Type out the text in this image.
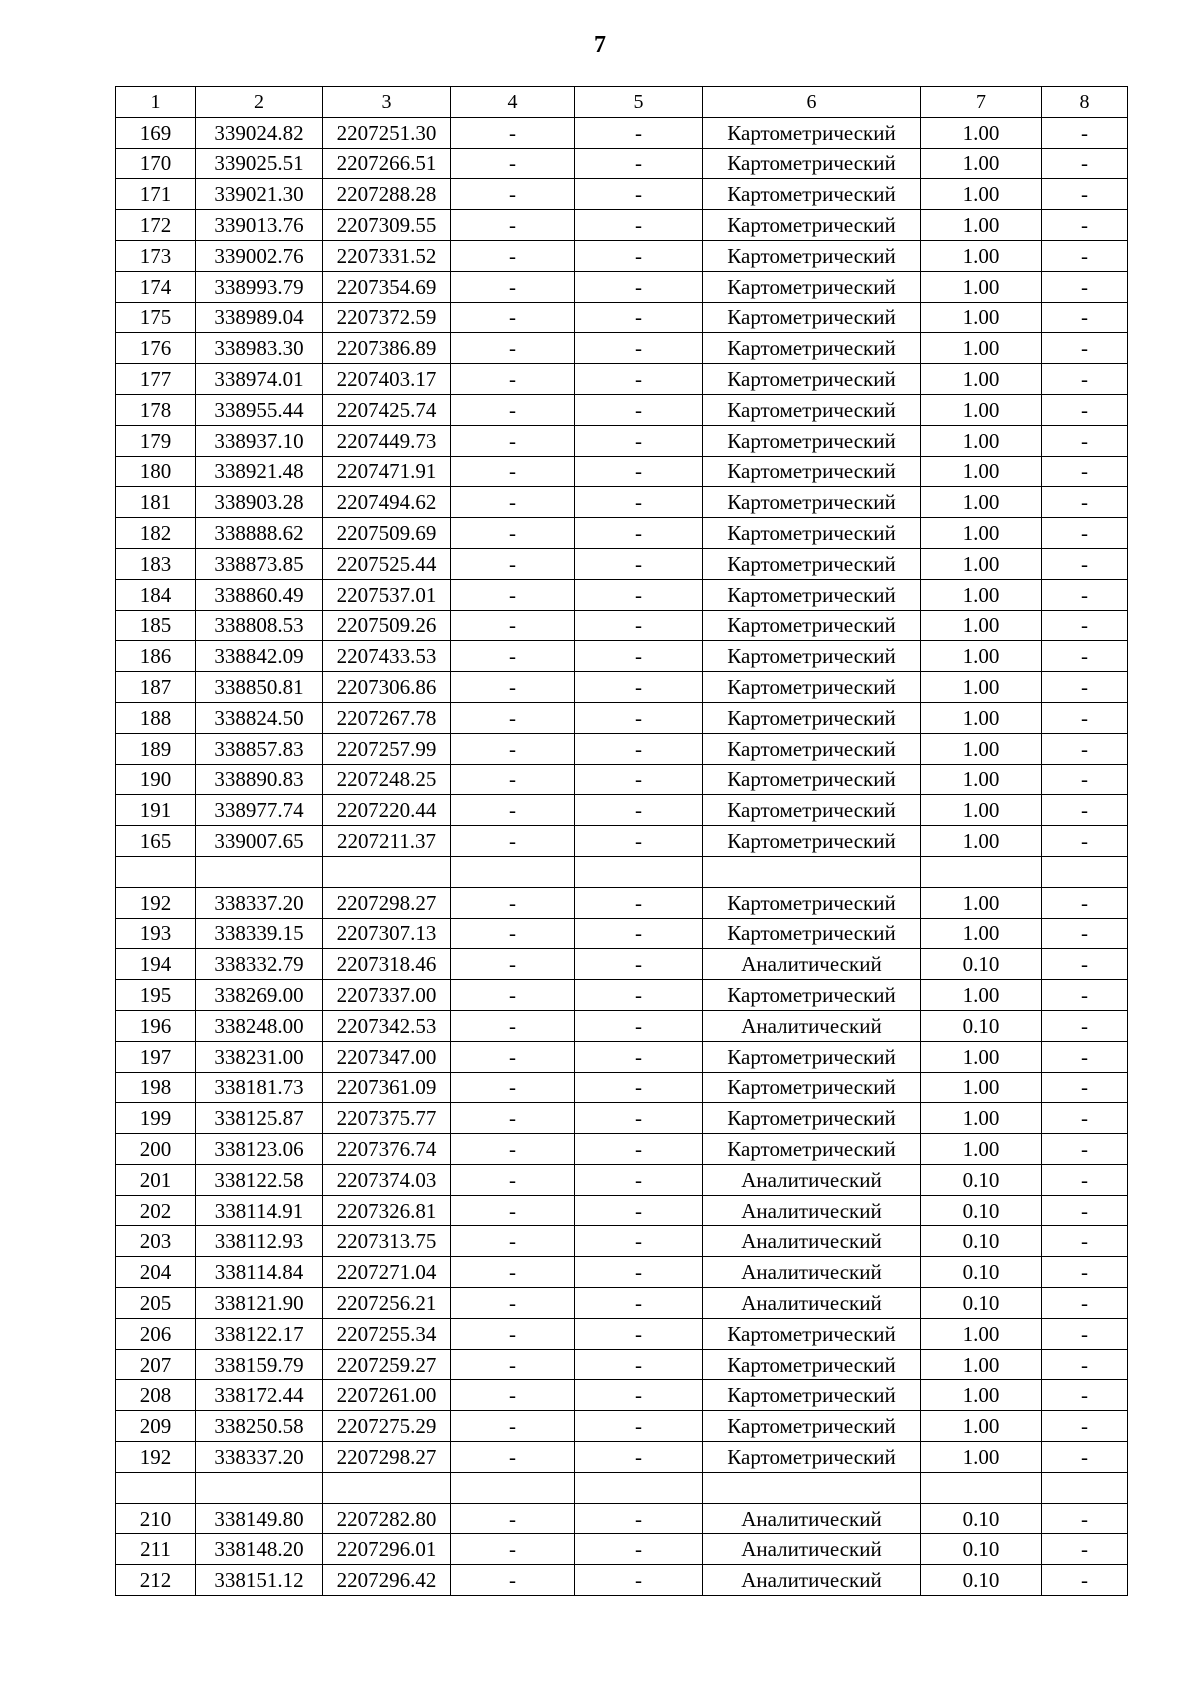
7
1	2	3	4	5	6	7	8
169	339024.82	2207251.30	-	-	Картометрический	1.00	-
170	339025.51	2207266.51	-	-	Картометрический	1.00	-
171	339021.30	2207288.28	-	-	Картометрический	1.00	-
172	339013.76	2207309.55	-	-	Картометрический	1.00	-
173	339002.76	2207331.52	-	-	Картометрический	1.00	-
174	338993.79	2207354.69	-	-	Картометрический	1.00	-
175	338989.04	2207372.59	-	-	Картометрический	1.00	-
176	338983.30	2207386.89	-	-	Картометрический	1.00	-
177	338974.01	2207403.17	-	-	Картометрический	1.00	-
178	338955.44	2207425.74	-	-	Картометрический	1.00	-
179	338937.10	2207449.73	-	-	Картометрический	1.00	-
180	338921.48	2207471.91	-	-	Картометрический	1.00	-
181	338903.28	2207494.62	-	-	Картометрический	1.00	-
182	338888.62	2207509.69	-	-	Картометрический	1.00	-
183	338873.85	2207525.44	-	-	Картометрический	1.00	-
184	338860.49	2207537.01	-	-	Картометрический	1.00	-
185	338808.53	2207509.26	-	-	Картометрический	1.00	-
186	338842.09	2207433.53	-	-	Картометрический	1.00	-
187	338850.81	2207306.86	-	-	Картометрический	1.00	-
188	338824.50	2207267.78	-	-	Картометрический	1.00	-
189	338857.83	2207257.99	-	-	Картометрический	1.00	-
190	338890.83	2207248.25	-	-	Картометрический	1.00	-
191	338977.74	2207220.44	-	-	Картометрический	1.00	-
165	339007.65	2207211.37	-	-	Картометрический	1.00	-

192	338337.20	2207298.27	-	-	Картометрический	1.00	-
193	338339.15	2207307.13	-	-	Картометрический	1.00	-
194	338332.79	2207318.46	-	-	Аналитический	0.10	-
195	338269.00	2207337.00	-	-	Картометрический	1.00	-
196	338248.00	2207342.53	-	-	Аналитический	0.10	-
197	338231.00	2207347.00	-	-	Картометрический	1.00	-
198	338181.73	2207361.09	-	-	Картометрический	1.00	-
199	338125.87	2207375.77	-	-	Картометрический	1.00	-
200	338123.06	2207376.74	-	-	Картометрический	1.00	-
201	338122.58	2207374.03	-	-	Аналитический	0.10	-
202	338114.91	2207326.81	-	-	Аналитический	0.10	-
203	338112.93	2207313.75	-	-	Аналитический	0.10	-
204	338114.84	2207271.04	-	-	Аналитический	0.10	-
205	338121.90	2207256.21	-	-	Аналитический	0.10	-
206	338122.17	2207255.34	-	-	Картометрический	1.00	-
207	338159.79	2207259.27	-	-	Картометрический	1.00	-
208	338172.44	2207261.00	-	-	Картометрический	1.00	-
209	338250.58	2207275.29	-	-	Картометрический	1.00	-
192	338337.20	2207298.27	-	-	Картометрический	1.00	-

210	338149.80	2207282.80	-	-	Аналитический	0.10	-
211	338148.20	2207296.01	-	-	Аналитический	0.10	-
212	338151.12	2207296.42	-	-	Аналитический	0.10	-
